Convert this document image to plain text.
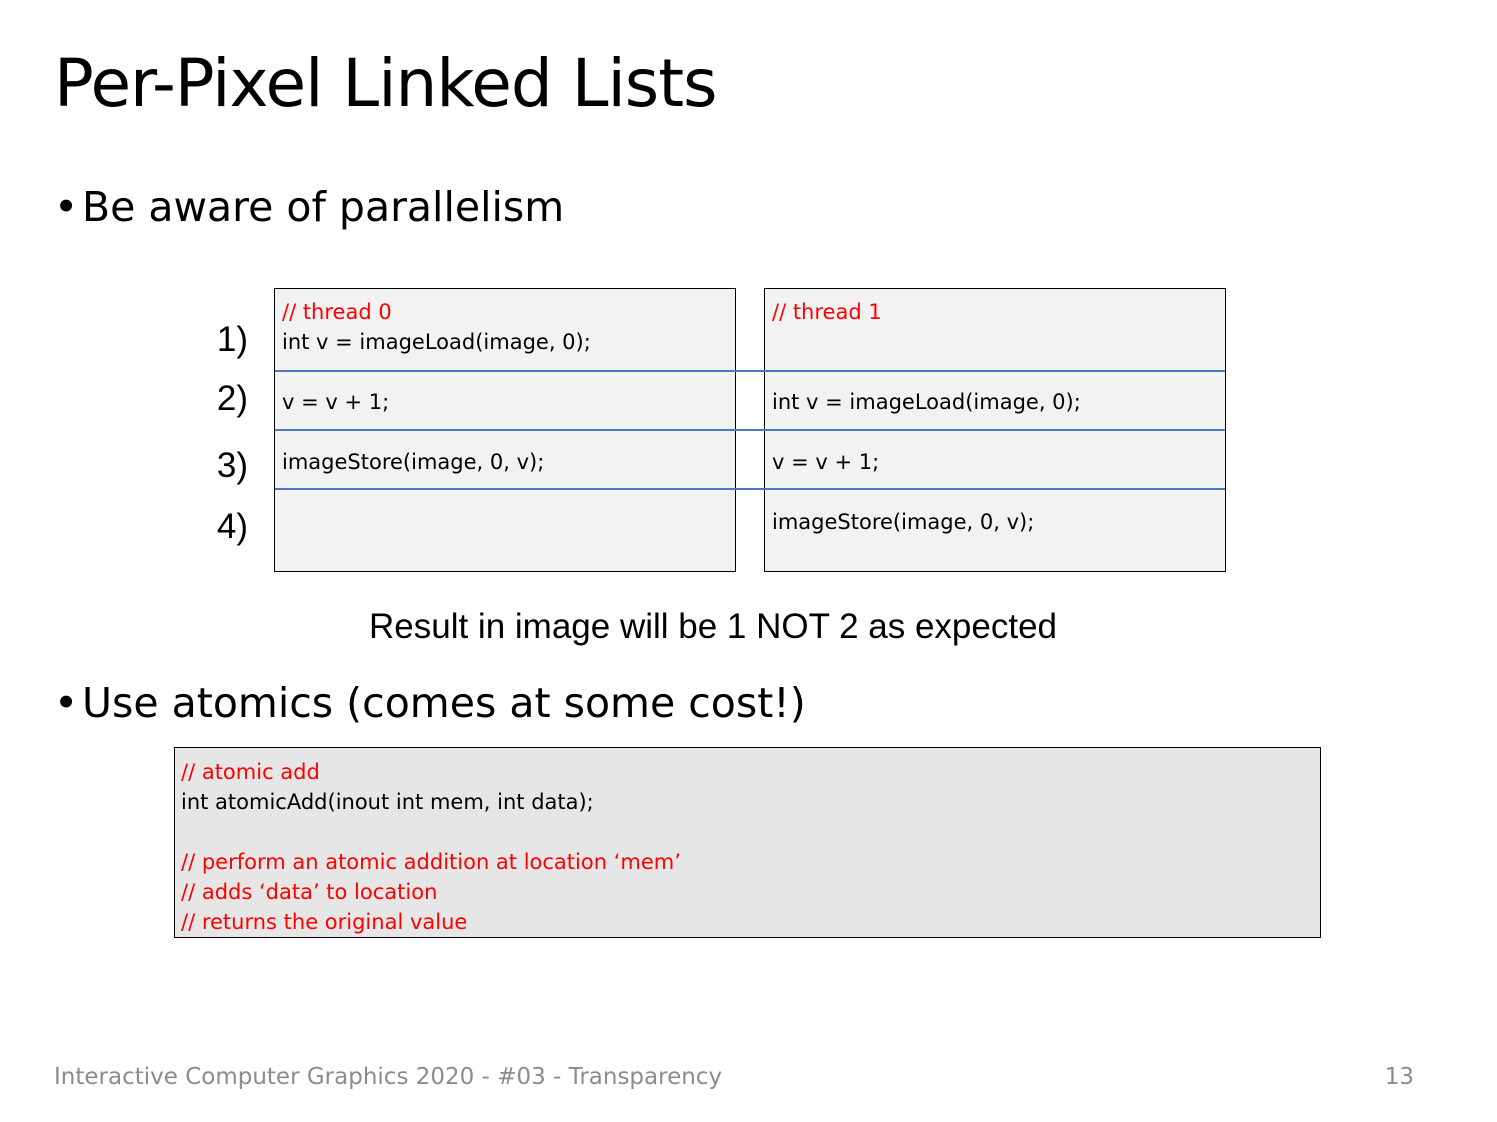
Per-Pixel Linked Lists
•Be aware of parallelism
1)
2)
3)
4)
// thread 0
int v = imageLoad(image, 0);
v = v + 1;
imageStore(image, 0, v);
// thread 1
int v = imageLoad(image, 0);
v = v + 1;
imageStore(image, 0, v);
Result in image will be 1 NOT 2 as expected
•Use atomics (comes at some cost!)
// atomic add
int atomicAdd(inout int mem, int data);
// perform an atomic addition at location ‘mem’
// adds ‘data’ to location
// returns the original value
Interactive Computer Graphics 2020 - #03 - Transparency	13
